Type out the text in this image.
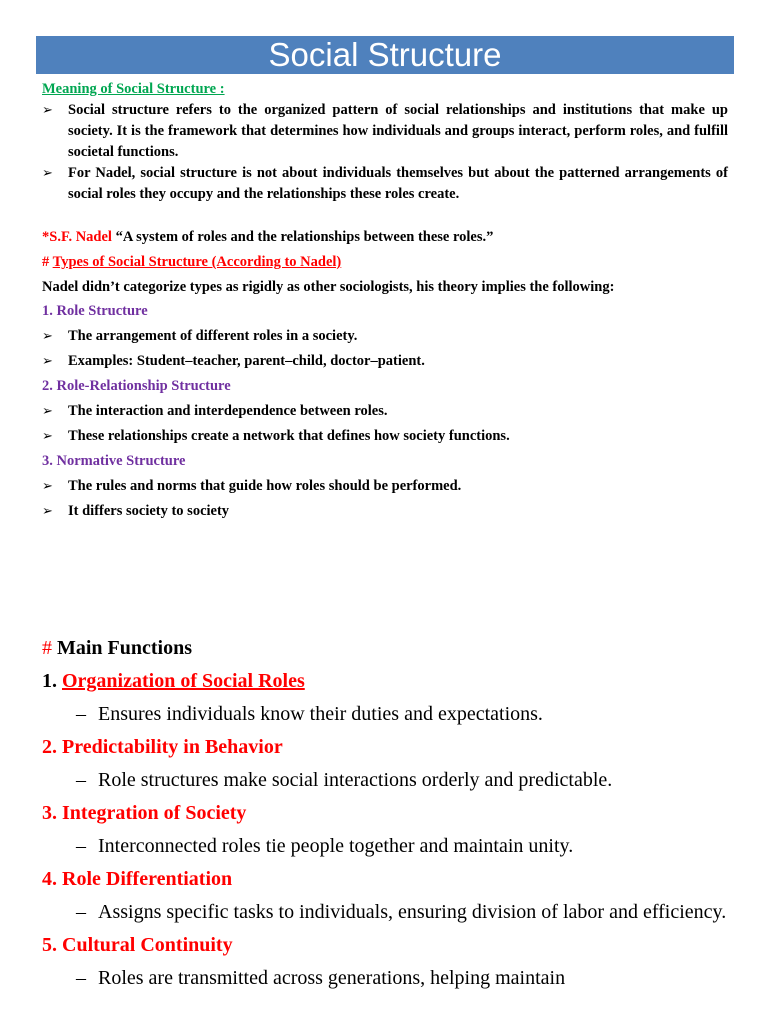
Social Structure
Meaning of Social Structure :
➢	Social structure refers to the organized pattern of social relationships and institutions that make up society. It is the framework that determines how individuals and groups interact, perform roles, and fulfill societal functions.
➢	For Nadel, social structure is not about individuals themselves but about the patterned arrangements of social roles they occupy and the relationships these roles create.
*S.F. Nadel “A system of roles and the relationships between these roles.”
# Types of Social Structure (According to Nadel)
Nadel didn’t categorize types as rigidly as other sociologists, his theory implies the following:
1. Role Structure
➢	The arrangement of different roles in a society.
➢	Examples: Student–teacher, parent–child, doctor–patient.
2. Role-Relationship Structure
➢	The interaction and interdependence between roles.
➢	These relationships create a network that defines how society functions.
3. Normative Structure
➢	The rules and norms that guide how roles should be performed.
➢	It differs society to society
# Main Functions
1. Organization of Social Roles
– Ensures individuals know their duties and expectations.
2. Predictability in Behavior
– Role structures make social interactions orderly and predictable.
3. Integration of Society
– Interconnected roles tie people together and maintain unity.
4. Role Differentiation
– Assigns specific tasks to individuals, ensuring division of labor and efficiency.
5. Cultural Continuity
– Roles are transmitted across generations, helping maintain
